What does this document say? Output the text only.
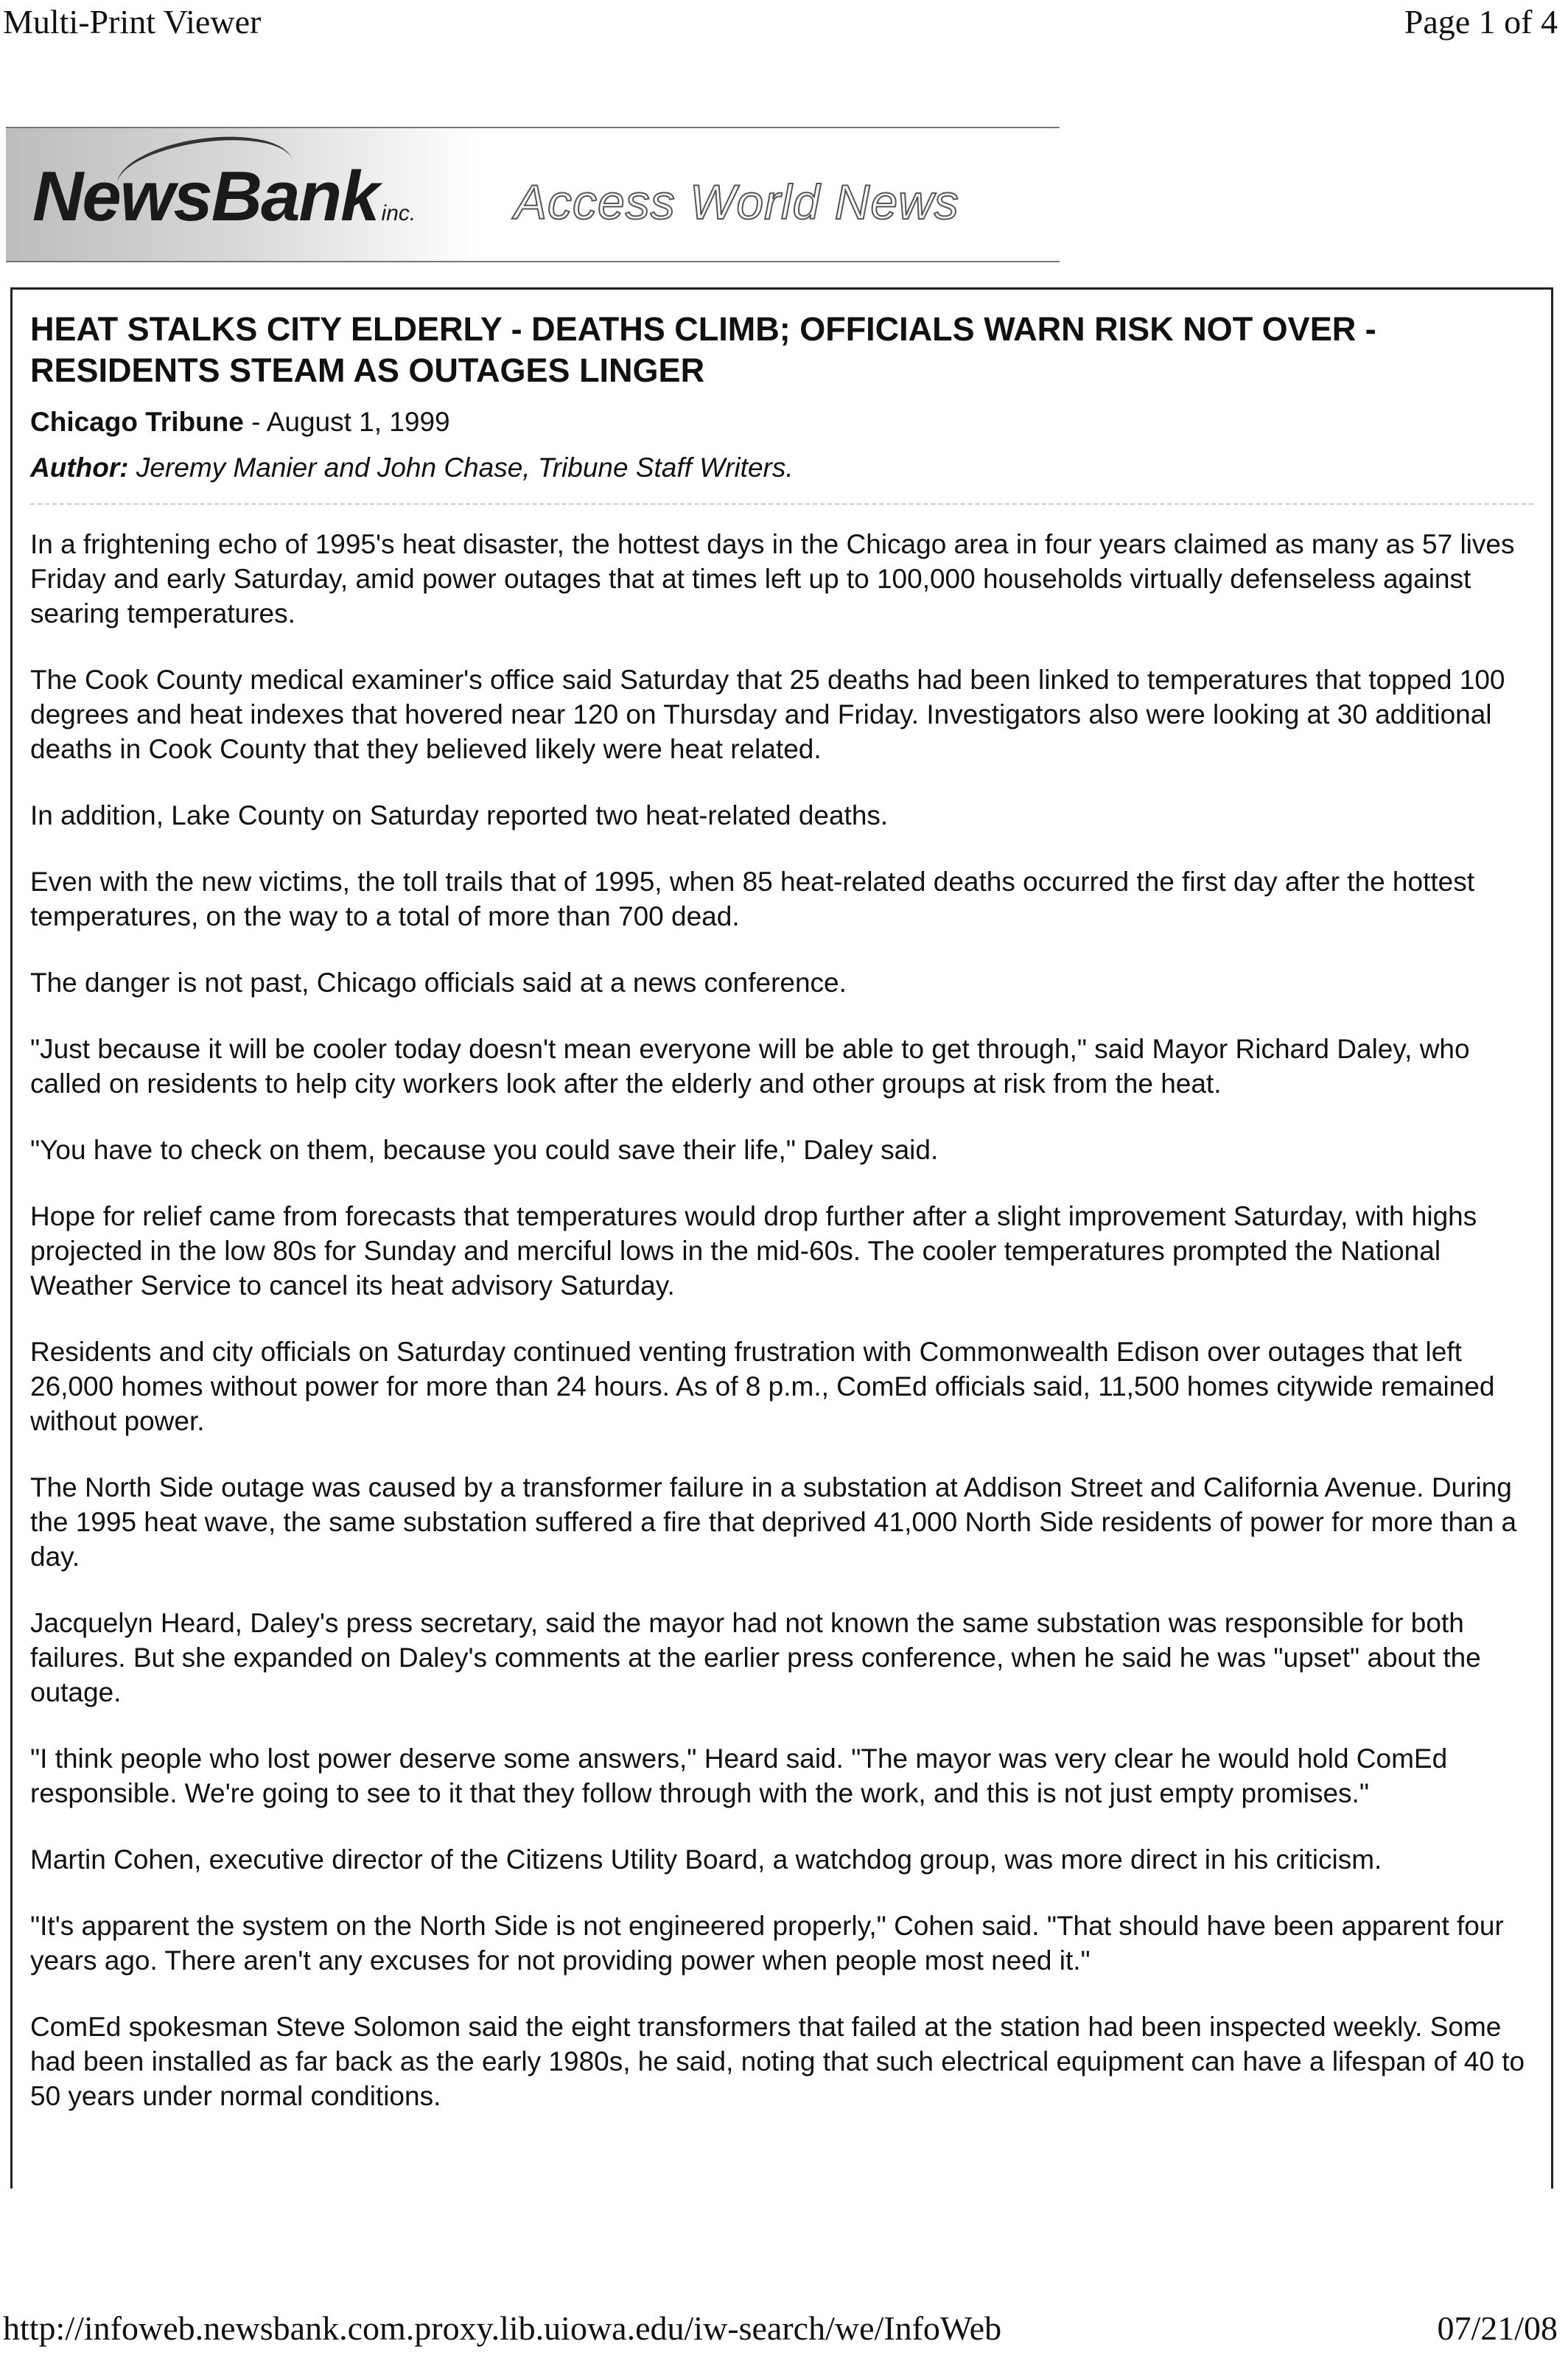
Multi-Print Viewer	Page 1 of 4
NewsBank inc.	Access World News
HEAT STALKS CITY ELDERLY - DEATHS CLIMB; OFFICIALS WARN RISK NOT OVER - RESIDENTS STEAM AS OUTAGES LINGER
Chicago Tribune - August 1, 1999
Author: Jeremy Manier and John Chase, Tribune Staff Writers.

In a frightening echo of 1995's heat disaster, the hottest days in the Chicago area in four years claimed as many as 57 lives Friday and early Saturday, amid power outages that at times left up to 100,000 households virtually defenseless against searing temperatures.

The Cook County medical examiner's office said Saturday that 25 deaths had been linked to temperatures that topped 100 degrees and heat indexes that hovered near 120 on Thursday and Friday. Investigators also were looking at 30 additional deaths in Cook County that they believed likely were heat related.

In addition, Lake County on Saturday reported two heat-related deaths.

Even with the new victims, the toll trails that of 1995, when 85 heat-related deaths occurred the first day after the hottest temperatures, on the way to a total of more than 700 dead.

The danger is not past, Chicago officials said at a news conference.

"Just because it will be cooler today doesn't mean everyone will be able to get through," said Mayor Richard Daley, who called on residents to help city workers look after the elderly and other groups at risk from the heat.

"You have to check on them, because you could save their life," Daley said.

Hope for relief came from forecasts that temperatures would drop further after a slight improvement Saturday, with highs projected in the low 80s for Sunday and merciful lows in the mid-60s. The cooler temperatures prompted the National Weather Service to cancel its heat advisory Saturday.

Residents and city officials on Saturday continued venting frustration with Commonwealth Edison over outages that left 26,000 homes without power for more than 24 hours. As of 8 p.m., ComEd officials said, 11,500 homes citywide remained without power.

The North Side outage was caused by a transformer failure in a substation at Addison Street and California Avenue. During the 1995 heat wave, the same substation suffered a fire that deprived 41,000 North Side residents of power for more than a day.

Jacquelyn Heard, Daley's press secretary, said the mayor had not known the same substation was responsible for both failures. But she expanded on Daley's comments at the earlier press conference, when he said he was "upset" about the outage.

"I think people who lost power deserve some answers," Heard said. "The mayor was very clear he would hold ComEd responsible. We're going to see to it that they follow through with the work, and this is not just empty promises."

Martin Cohen, executive director of the Citizens Utility Board, a watchdog group, was more direct in his criticism.

"It's apparent the system on the North Side is not engineered properly," Cohen said. "That should have been apparent four years ago. There aren't any excuses for not providing power when people most need it."

ComEd spokesman Steve Solomon said the eight transformers that failed at the station had been inspected weekly. Some had been installed as far back as the early 1980s, he said, noting that such electrical equipment can have a lifespan of 40 to 50 years under normal conditions.

http://infoweb.newsbank.com.proxy.lib.uiowa.edu/iw-search/we/InfoWeb	07/21/08
